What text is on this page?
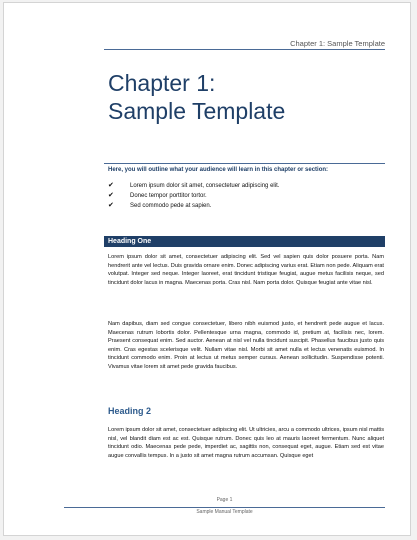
Chapter 1: Sample Template
Chapter 1:
Sample Template
Here, you will outline what your audience will learn in this chapter or section:
✔	Lorem ipsum dolor sit amet, consectetuer adipiscing elit.
✔	Donec tempor porttitor tortor.
✔	Sed commodo pede at sapien.
Heading One
Lorem ipsum dolor sit amet, consectetuer adipiscing elit. Sed vel sapien quis dolor posuere porta. Nam hendrerit ante vel lectus. Duis gravida ornare enim. Donec adipiscing varius erat. Etiam non pede. Aliquam erat volutpat. Integer sed neque. Integer laoreet, erat tincidunt tristique feugiat, augue metus facilisis neque, sed tincidunt dolor lacus in magna. Maecenas porta. Cras nisl. Nam porta dolor. Quisque feugiat ante vitae nisl.
Nam dapibus, diam sed congue consectetuer, libero nibh euismod justo, et hendrerit pede augue et lacus. Maecenas rutrum lobortis dolor. Pellentesque urna magna, commodo id, pretium at, facilisis nec, lorem. Praesent consequat enim. Sed auctor. Aenean at nisl vel nulla tincidunt suscipit. Phasellus faucibus justo quis enim. Cras egestas scelerisque velit. Nullam vitae nisl. Morbi sit amet nulla et lectus venenatis euismod. In tincidunt commodo enim. Proin at lectus ut metus semper cursus. Aenean sollicitudin. Suspendisse potenti. Vivamus vitae lorem sit amet pede gravida faucibus.
Heading 2
Lorem ipsum dolor sit amet, consectetuer adipiscing elit. Ut ultricies, arcu a commodo ultrices, ipsum nisl mattis nisl, vel blandit diam est ac est. Quisque rutrum. Donec quis leo at mauris laoreet fermentum. Nunc aliquet tincidunt odio. Maecenas pede pede, imperdiet ac, sagittis non, consequat eget, augue. Etiam sed est vitae augue convallis tempus. In a justo sit amet magna rutrum accumsan. Quisque eget
Page 1
Sample Manual Template
